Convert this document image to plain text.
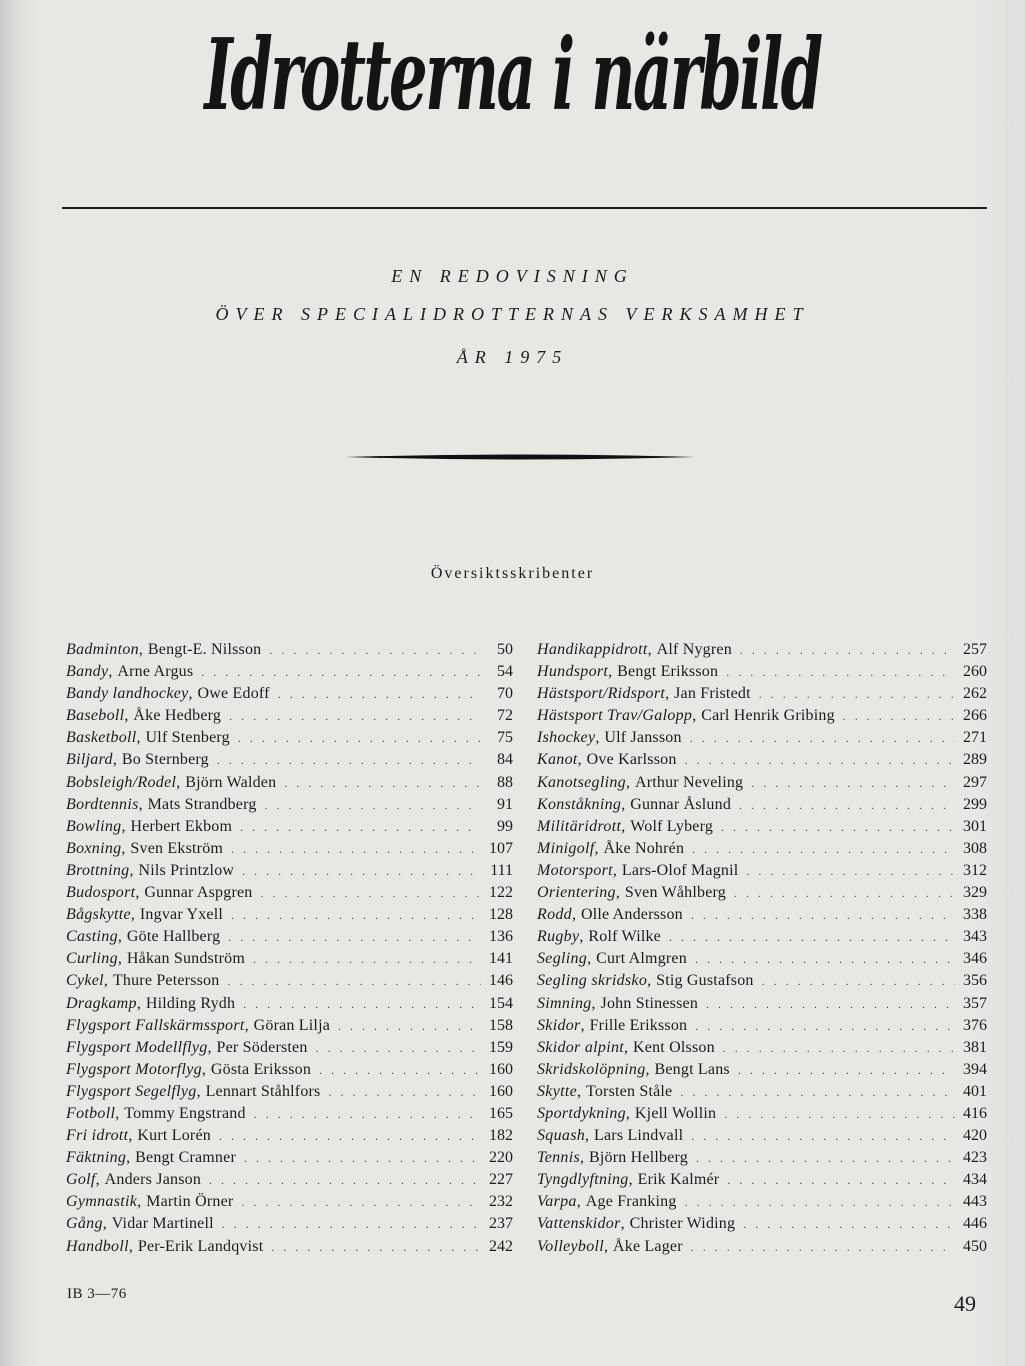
Idrotterna i närbild
EN REDOVISNING
ÖVER SPECIALIDROTTERNAS VERKSAMHET
ÅR 1975
Översiktsskribenter
Badminton , Bengt-E. Nilsson . . .	50
Bandy , Arne Argus . . .	54
Bandy landhockey , Owe Edoff . . .	70
Baseboll , Åke Hedberg . . .	72
Basketboll , Ulf Stenberg . . .	75
Biljard , Bo Sternberg . . .	84
Bobsleigh/Rodel , Björn Walden . . .	88
Bordtennis , Mats Strandberg . . .	91
Bowling , Herbert Ekbom . . .	99
Boxning , Sven Ekström . . .	107
Brottning , Nils Printzlow . . .	111
Budosport , Gunnar Aspgren . . .	122
Bågskytte , Ingvar Yxell . . .	128
Casting , Göte Hallberg . . .	136
Curling , Håkan Sundström . . .	141
Cykel , Thure Petersson . . .	146
Dragkamp , Hilding Rydh . . .	154
Flygsport Fallskärmssport , Göran Lilja . . .	158
Flygsport Modellflyg , Per Södersten . . .	159
Flygsport Motorflyg , Gösta Eriksson . . .	160
Flygsport Segelflyg , Lennart Ståhlfors . . .	160
Fotboll , Tommy Engstrand . . .	165
Fri idrott , Kurt Lorén . . .	182
Fäktning , Bengt Cramner . . .	220
Golf , Anders Janson . . .	227
Gymnastik , Martin Örner . . .	232
Gång , Vidar Martinell . . .	237
Handboll , Per-Erik Landqvist . . .	242
Handikappidrott , Alf Nygren . . .	257
Hundsport , Bengt Eriksson . . .	260
Hästsport/Ridsport , Jan Fristedt . . .	262
Hästsport Trav/Galopp , Carl Henrik Gribing . . .	266
Ishockey , Ulf Jansson . . .	271
Kanot , Ove Karlsson . . .	289
Kanotsegling , Arthur Neveling . . .	297
Konståkning , Gunnar Åslund . . .	299
Militäridrott , Wolf Lyberg . . .	301
Minigolf , Åke Nohrén . . .	308
Motorsport , Lars-Olof Magnil . . .	312
Orientering , Sven Wåhlberg . . .	329
Rodd , Olle Andersson . . .	338
Rugby , Rolf Wilke . . .	343
Segling , Curt Almgren . . .	346
Segling skridsko , Stig Gustafson . . .	356
Simning , John Stinessen . . .	357
Skidor , Frille Eriksson . . .	376
Skidor alpint , Kent Olsson . . .	381
Skridskolöpning , Bengt Lans . . .	394
Skytte , Torsten Ståle . . .	401
Sportdykning , Kjell Wollin . . .	416
Squash , Lars Lindvall . . .	420
Tennis , Björn Hellberg . . .	423
Tyngdlyftning , Erik Kalmér . . .	434
Varpa , Age Franking . . .	443
Vattenskidor , Christer Widing . . .	446
Volleyboll , Åke Lager . . .	450
IB 3—76	49
